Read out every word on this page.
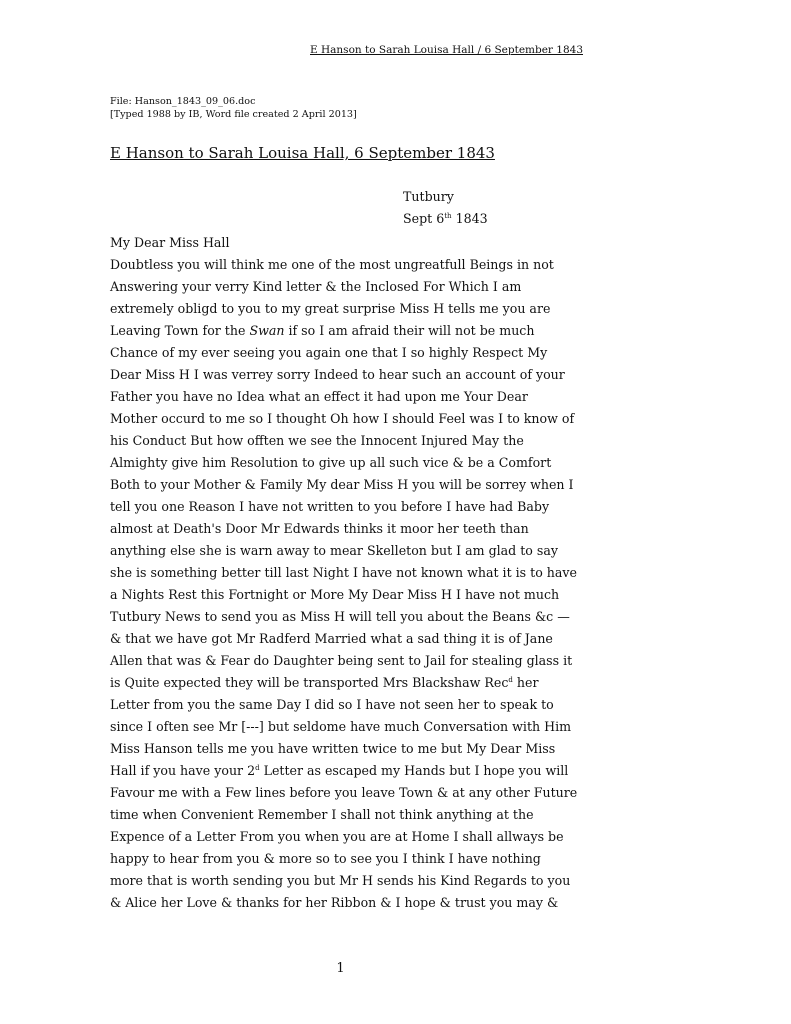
E Hanson to Sarah Louisa Hall / 6 September 1843
File: Hanson_1843_09_06.doc
[Typed 1988 by IB, Word file created 2 April 2013]
E Hanson to Sarah Louisa Hall, 6 September 1843
Tutbury
Sept 6th 1843
My Dear Miss Hall
Doubtless you will think me one of the most ungreatfull Beings in not
Answering your verry Kind letter & the Inclosed For Which I am
extremely obligd to you to my great surprise Miss H tells me you are
Leaving Town for the Swan if so I am afraid their will not be much
Chance of my ever seeing you again one that I so highly Respect My
Dear Miss H I was verrey sorry Indeed to hear such an account of your
Father you have no Idea what an effect it had upon me Your Dear
Mother occurd to me so I thought Oh how I should Feel was I to know of
his Conduct But how offten we see the Innocent Injured May the
Almighty give him Resolution to give up all such vice & be a Comfort
Both to your Mother & Family My dear Miss H you will be sorrey when I
tell you one Reason I have not written to you before I have had Baby
almost at Death's Door Mr Edwards thinks it moor her teeth than
anything else she is warn away to mear Skelleton but I am glad to say
she is something better till last Night I have not known what it is to have
a Nights Rest this Fortnight or More My Dear Miss H I have not much
Tutbury News to send you as Miss H will tell you about the Beans &c —
& that we have got Mr Radferd Married what a sad thing it is of Jane
Allen that was & Fear do Daughter being sent to Jail for stealing glass it
is Quite expected they will be transported Mrs Blackshaw Rec$^d$ her
Letter from you the same Day I did so I have not seen her to speak to
since I often see Mr [---] but seldome have much Conversation with Him
Miss Hanson tells me you have written twice to me but My Dear Miss
Hall if you have your 2$^d$ Letter as escaped my Hands but I hope you will
Favour me with a Few lines before you leave Town & at any other Future
time when Convenient Remember I shall not think anything at the
Expence of a Letter From you when you are at Home I shall allways be
happy to hear from you & more so to see you I think I have nothing
more that is worth sending you but Mr H sends his Kind Regards to you
& Alice her Love & thanks for her Ribbon & I hope & trust you may &
1
